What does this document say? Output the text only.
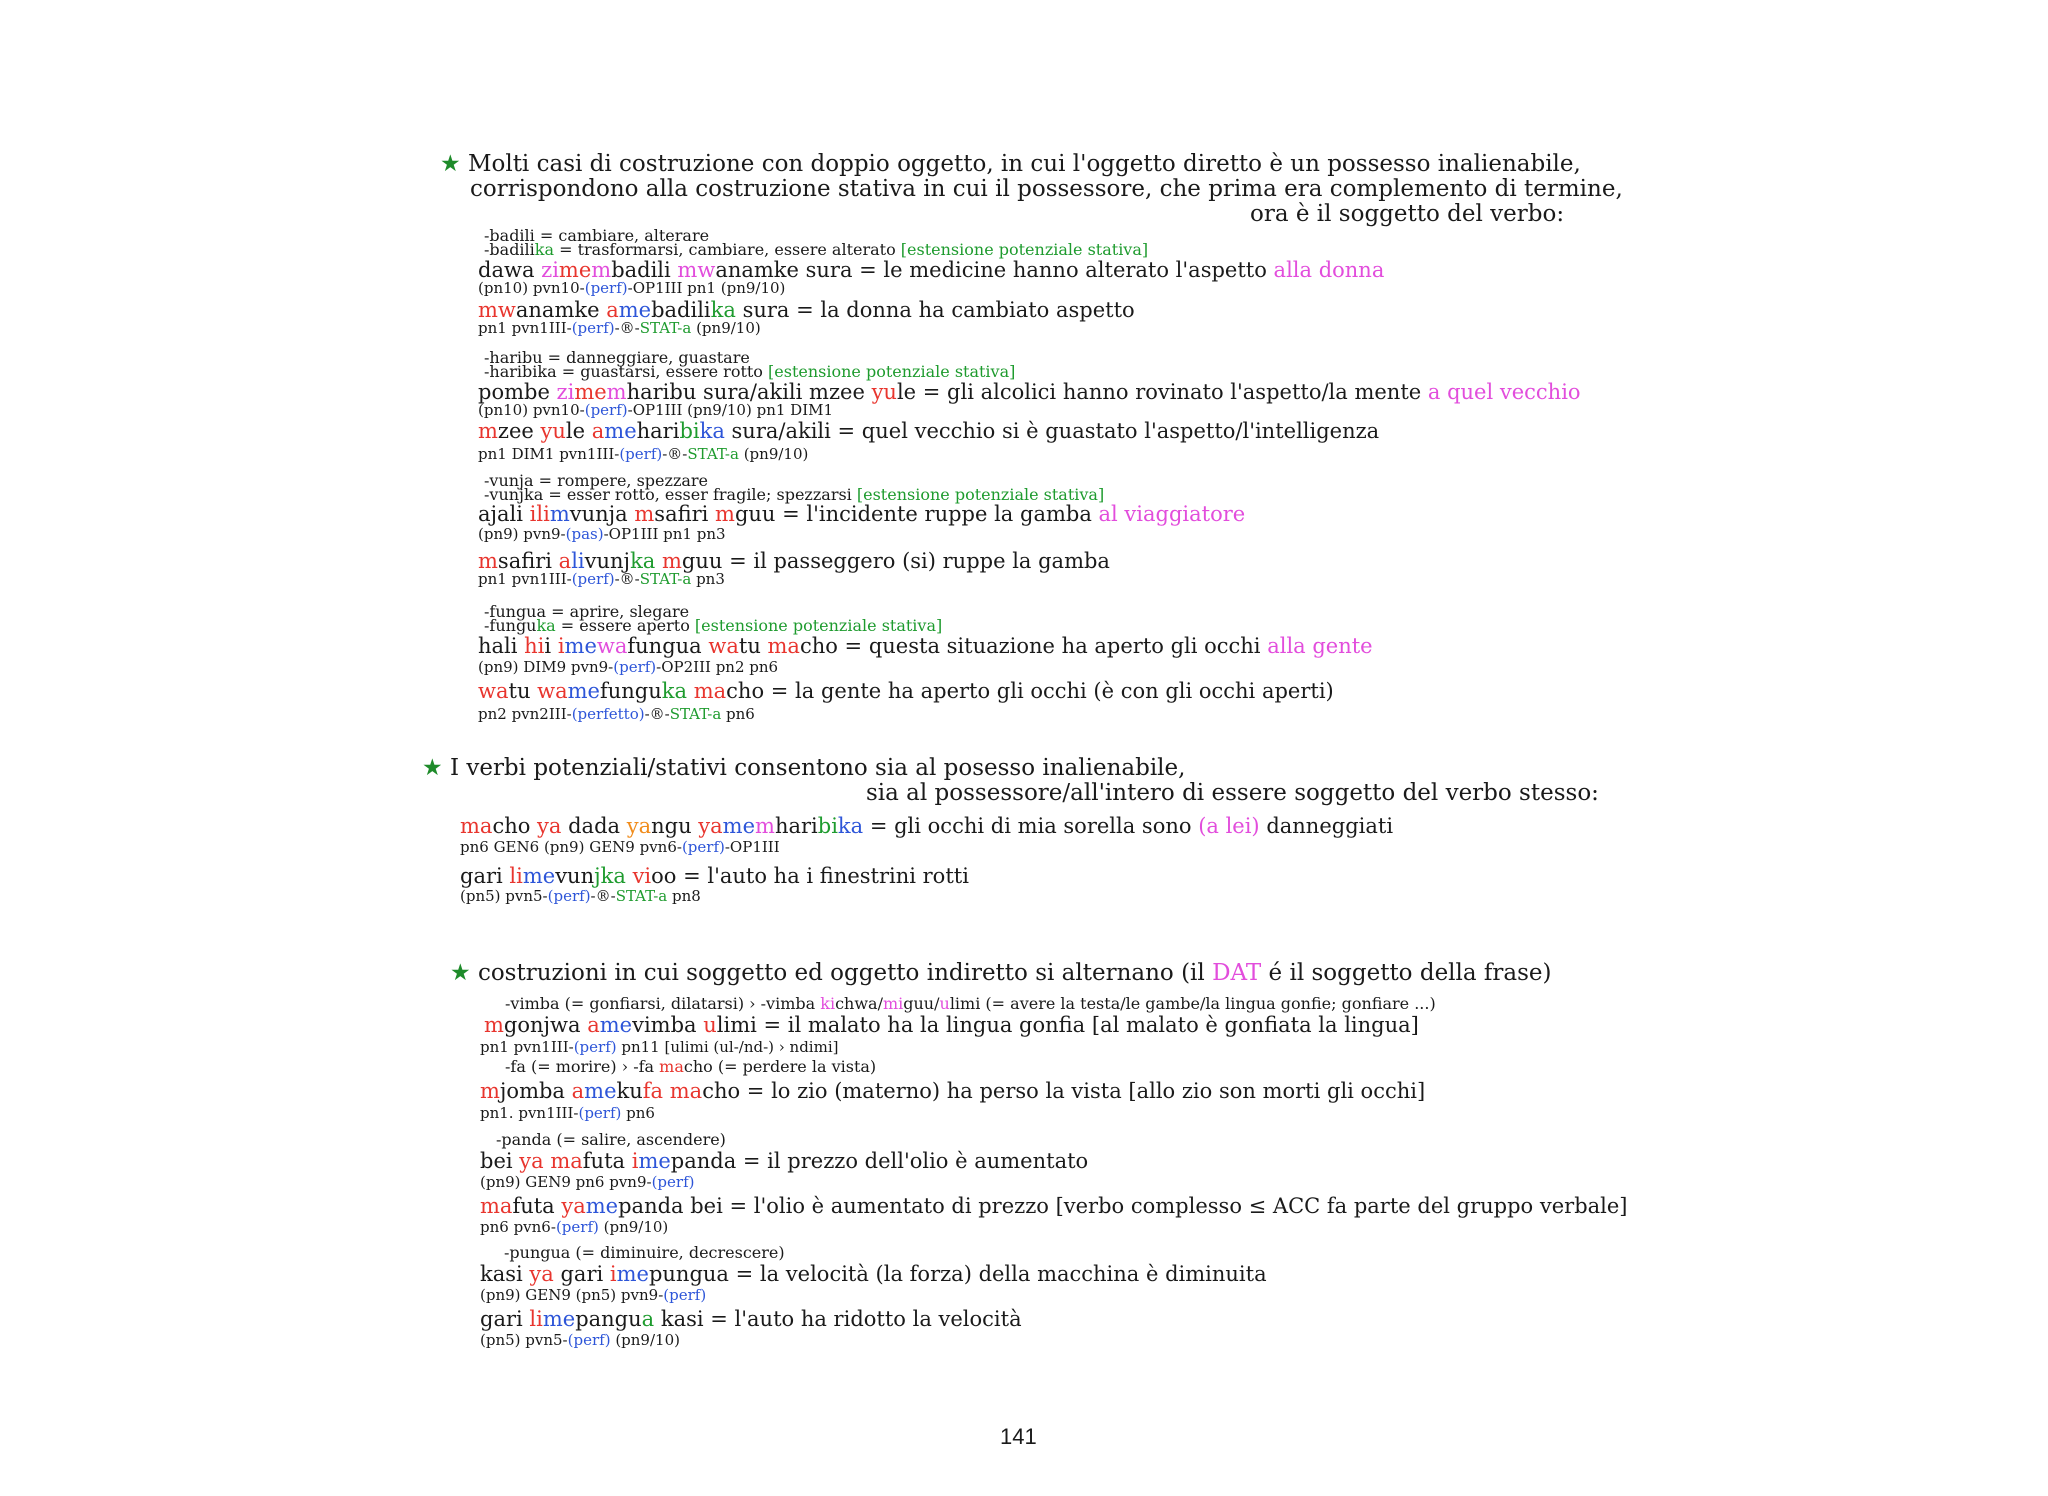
★ Molti casi di costruzione con doppio oggetto, in cui l'oggetto diretto è un possesso inalienabile,
corrispondono alla costruzione stativa in cui il possessore, che prima era complemento di termine,
ora è il soggetto del verbo:
-badili = cambiare, alterare
-badilika = trasformarsi, cambiare, essere alterato [estensione potenziale stativa]
dawa zimembadili mwanamke sura = le medicine hanno alterato l'aspetto alla donna
(pn10) pvn10-(perf)-OP1III pn1 (pn9/10)
mwanamke amebadilika sura = la donna ha cambiato aspetto
pn1 pvn1III-(perf)-®-STAT-a (pn9/10)
-haribu = danneggiare, guastare
-haribika = guastarsi, essere rotto [estensione potenziale stativa]
pombe zimemharibu sura/akili mzee yule = gli alcolici hanno rovinato l'aspetto/la mente a quel vecchio
(pn10) pvn10-(perf)-OP1III (pn9/10) pn1 DIM1
mzee yule ameharibika sura/akili = quel vecchio si è guastato l'aspetto/l'intelligenza
pn1 DIM1 pvn1III-(perf)-®-STAT-a (pn9/10)
-vunja = rompere, spezzare
-vunjka = esser rotto, esser fragile; spezzarsi [estensione potenziale stativa]
ajali ilimvunja msafiri mguu = l'incidente ruppe la gamba al viaggiatore
(pn9) pvn9-(pas)-OP1III pn1 pn3
msafiri alivunjka mguu = il passeggero (si) ruppe la gamba
pn1 pvn1III-(perf)-®-STAT-a pn3
-fungua = aprire, slegare
-funguka = essere aperto [estensione potenziale stativa]
hali hii imewafungua watu macho = questa situazione ha aperto gli occhi alla gente
(pn9) DIM9 pvn9-(perf)-OP2III pn2 pn6
watu wamefunguka macho = la gente ha aperto gli occhi (è con gli occhi aperti)
pn2 pvn2III-(perfetto)-®-STAT-a pn6
★ I verbi potenziali/stativi consentono sia al posesso inalienabile,
sia al possessore/all'intero di essere soggetto del verbo stesso:
macho ya dada yangu yamemharibika = gli occhi di mia sorella sono (a lei) danneggiati
pn6 GEN6 (pn9) GEN9 pvn6-(perf)-OP1III
gari limevunjka vioo = l'auto ha i finestrini rotti
(pn5) pvn5-(perf)-®-STAT-a pn8
★ costruzioni in cui soggetto ed oggetto indiretto si alternano (il DAT é il soggetto della frase)
-vimba (= gonfiarsi, dilatarsi) › -vimba kichwa/miguu/ulimi (= avere la testa/le gambe/la lingua gonfie; gonfiare ...)
mgonjwa amevimba ulimi = il malato ha la lingua gonfia [al malato è gonfiata la lingua]
pn1 pvn1III-(perf) pn11 [ulimi (ul-/nd-) › ndimi]
-fa (= morire) › -fa macho (= perdere la vista)
mjomba amekufa macho = lo zio (materno) ha perso la vista [allo zio son morti gli occhi]
pn1. pvn1III-(perf) pn6
-panda (= salire, ascendere)
bei ya mafuta imepanda = il prezzo dell'olio è aumentato
(pn9) GEN9 pn6 pvn9-(perf)
mafuta yamepanda bei = l'olio è aumentato di prezzo [verbo complesso ≤ ACC fa parte del gruppo verbale]
pn6 pvn6-(perf) (pn9/10)
-pungua (= diminuire, decrescere)
kasi ya gari imepungua = la velocità (la forza) della macchina è diminuita
(pn9) GEN9 (pn5) pvn9-(perf)
gari limepangua kasi = l'auto ha ridotto la velocità
(pn5) pvn5-(perf) (pn9/10)
141
